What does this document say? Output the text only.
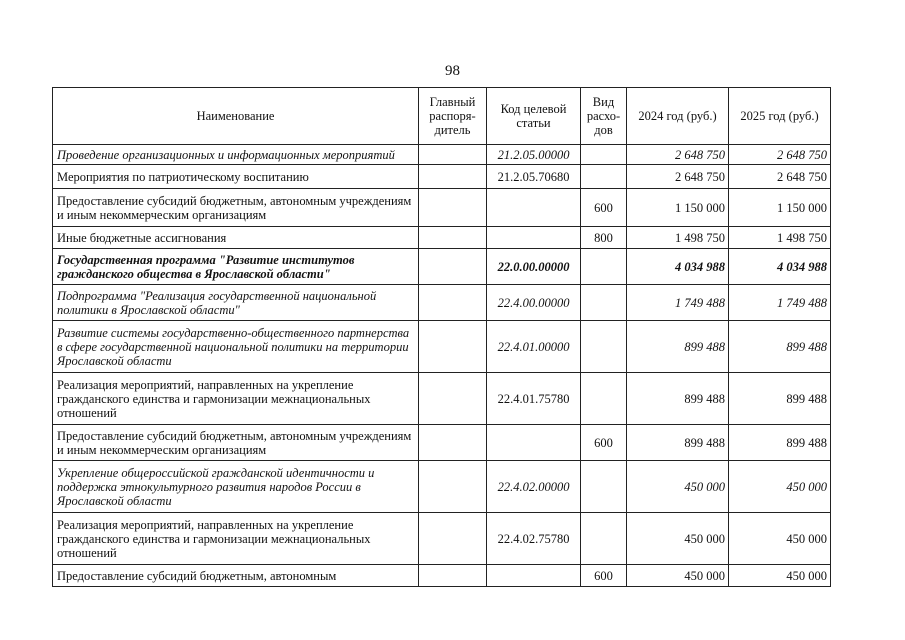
98
Наименование	Главный распоря-дитель	Код целевой статьи	Вид расхо-дов	2024 год (руб.)	2025 год (руб.)
Проведение организационных и информационных мероприятий		21.2.05.00000		2 648 750	2 648 750
Мероприятия по патриотическому воспитанию		21.2.05.70680		2 648 750	2 648 750
Предоставление субсидий бюджетным, автономным учреждениям и иным некоммерческим организациям			600	1 150 000	1 150 000
Иные бюджетные ассигнования			800	1 498 750	1 498 750
Государственная программа "Развитие институтов гражданского общества в Ярославской области"		22.0.00.00000		4 034 988	4 034 988
Подпрограмма "Реализация государственной национальной политики в Ярославской области"		22.4.00.00000		1 749 488	1 749 488
Развитие системы государственно-общественного партнерства в сфере государственной национальной политики на территории Ярославской области		22.4.01.00000		899 488	899 488
Реализация мероприятий, направленных на укрепление гражданского единства и гармонизации межнациональных отношений		22.4.01.75780		899 488	899 488
Предоставление субсидий бюджетным, автономным учреждениям и иным некоммерческим организациям			600	899 488	899 488
Укрепление общероссийской гражданской идентичности и поддержка этнокультурного развития народов России в Ярославской области		22.4.02.00000		450 000	450 000
Реализация мероприятий, направленных на укрепление гражданского единства и гармонизации межнациональных отношений		22.4.02.75780		450 000	450 000
Предоставление субсидий бюджетным, автономным			600	450 000	450 000
